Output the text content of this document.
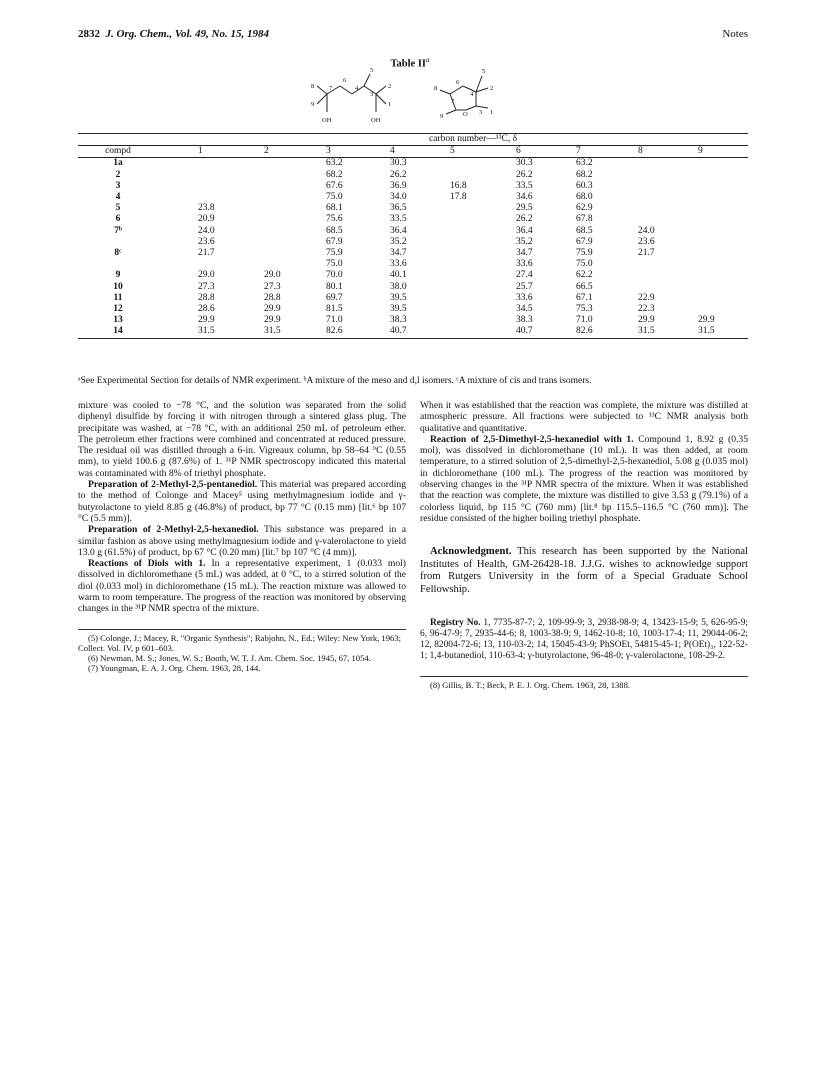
2832 J. Org. Chem., Vol. 49, No. 15, 1984	Notes
Table $II^a$
5
6
8 7	4
3
2
9	1
OH	OH
5
6
8
7
4
2
9	O 3 1
	carbon number—¹³C, δ								
compd	1	2	3	4	5	6	7	8	9
1a			63.2	30.3		30.3	63.2		
2			68.2	26.2		26.2	68.2		
3			67.6	36.9	16.8	33.5	60.3		
4			75.0	34.0	17.8	34.6	68.0		
5	23.8		68.1	36.5		29.5	62.9		
6	20.9		75.6	33.5		26.2	67.8		
7ᵇ	24.0		68.5	36.4		36.4	68.5	24.0	
	23.6		67.9	35.2		35.2	67.9	23.6	
8ᶜ	21.7		75.9	34.7		34.7	75.9	21.7	
			75.0	33.6		33.6	75.0		
9	29.0	29.0	70.0	40.1		27.4	62.2		
10	27.3	27.3	80.1	38.0		25.7	66.5		
11	28.8	28.8	69.7	39.5		33.6	67.1	22.9	
12	28.6	29.9	81.5	39.5		34.5	75.3	22.3	
13	29.9	29.9	71.0	38.3		38.3	71.0	29.9	29.9
14	31.5	31.5	82.6	40.7		40.7	82.6	31.5	31.5
ᵃSee Experimental Section for details of NMR experiment. ᵇA mixture of the meso and d,l isomers. ᶜA mixture of cis and trans isomers.

mixture was cooled to −78 °C, and the solution was separated from the solid diphenyl disulfide by forcing it with nitrogen through a sintered glass plug. The precipitate was washed, at −78 °C, with an additional 250 mL of petroleum ether. The petroleum ether fractions were combined and concentrated at reduced pressure. The residual oil was distilled through a 6-in. Vigreaux column, bp 58–64 °C (0.55 mm), to yield 100.6 g (87.6%) of 1. ³¹P NMR spectroscopy indicated this material was contaminated with 8% of triethyl phosphate.

Preparation of 2-Methyl-2,5-pentanediol. This material was prepared according to the method of Colonge and Macey⁵ using methylmagnesium iodide and γ-butyrolactone to yield 8.85 g (46.8%) of product, bp 77 °C (0.15 mm) [lit.⁶ bp 107 °C (5.5 mm)].

Preparation of 2-Methyl-2,5-hexanediol. This substance was prepared in a similar fashion as above using methylmagnesium iodide and γ-valerolactone to yield 13.0 g (61.5%) of product, bp 67 °C (0.20 mm) [lit.⁷ bp 107 °C (4 mm)].

Reactions of Diols with 1. In a representative experiment, 1 (0.033 mol) dissolved in dichloromethane (5 mL) was added, at 0 °C, to a stirred solution of the diol (0.033 mol) in dichloromethane (15 mL). The reaction mixture was allowed to warm to room temperature. The progress of the reaction was monitored by observing changes in the ³¹P NMR spectra of the mixture.

(5) Colonge, J.; Macey, R. "Organic Synthesis"; Rabjohn, N., Ed.; Wiley: New York, 1963; Collect. Vol. IV, p 601–603.

(6) Newman, M. S.; Jones, W. S.; Booth, W. T. J. Am. Chem. Soc. 1945, 67, 1054.

(7) Youngman, E. A. J. Org. Chem. 1963, 28, 144.

When it was established that the reaction was complete, the mixture was distilled at atmospheric pressure. All fractions were subjected to ¹³C NMR analysis both qualitative and quantitative.

Reaction of 2,5-Dimethyl-2,5-hexanediol with 1. Compound 1, 8.92 g (0.35 mol), was dissolved in dichloromethane (10 mL). It was then added, at room temperature, to a stirred solution of 2,5-dimethyl-2,5-hexanediol, 5.08 g (0.035 mol) in dichloromethane (100 mL). The progress of the reaction was monitored by observing changes in the ³¹P NMR spectra of the mixture. When it was established that the reaction was complete, the mixture was distilled to give 3.53 g (79.1%) of a colorless liquid, bp 115 °C (760 mm) [lit.⁸ bp 115.5–116.5 °C (760 mm)]. The residue consisted of the higher boiling triethyl phosphate.

Acknowledgment. This research has been supported by the National Institutes of Health, GM-26428-18. J.J.G. wishes to acknowledge support from Rutgers University in the form of a Special Graduate School Fellowship.
Registry No. 1, 7735-87-7; 2, 109-99-9; 3, 2938-98-9; 4, 13423-15-9; 5, 626-95-9; 6, 96-47-9; 7, 2935-44-6; 8, 1003-38-9; 9, 1462-10-8; 10, 1003-17-4; 11, 29044-06-2; 12, 82004-72-6; 13, 110-03-2; 14, 15045-43-9; PhSOEt, 54815-45-1; P(OEt)₃, 122-52-1; 1,4-butanediol, 110-63-4; γ-butyrolactone, 96-48-0; γ-valerolactone, 108-29-2.

(8) Gillis, B. T.; Beck, P. E. J. Org. Chem. 1963, 28, 1388.
